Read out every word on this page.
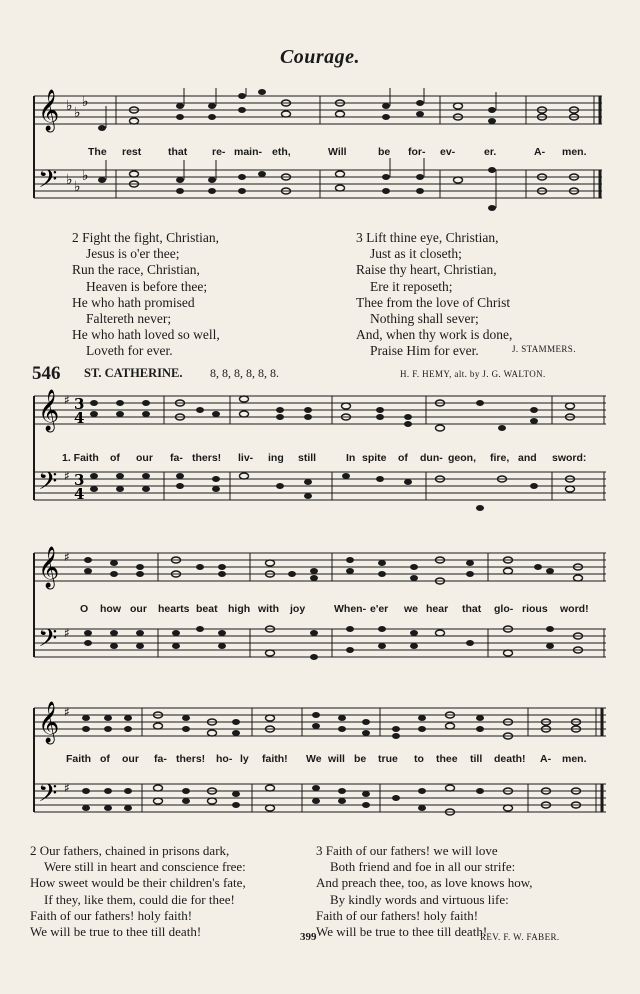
Courage.
𝄞
𝄢
♭ ♭
♭
♭ ♭
♭
The rest	that re- main- eth,	Will	be for- ev-	er.	A- men.
2 Fight the fight, Christian,
Jesus is o'er thee;
Run the race, Christian,
Heaven is before thee;
He who hath promised
Faltereth never;
He who hath loved so well,
Loveth for ever.
3 Lift thine eye, Christian,
Just as it closeth;
Raise thy heart, Christian,
Ere it reposeth;
Thee from the love of Christ
Nothing shall sever;
And, when thy work is done,
Praise Him for ever.	J. STAMMERS.
546 ST. CATHERINE. 8, 8, 8, 8, 8, 8.	H. F. HEMY, alt. by J. G. WALTON.
𝄞
𝄢
♯
♯
3
4
3
4
1. Faith of our fa- thers! liv- ing still	In spite of dun- geon, fire, and sword:
𝄞
𝄢
♯
♯
O how our hearts beat high with joy	When- e'er we hear that glo- rious word!
𝄞
𝄢
♯
♯
Faith of our fa- thers! ho- ly faith! We will be true to thee till death! A- men.
2 Our fathers, chained in prisons dark,
Were still in heart and conscience free:
How sweet would be their children's fate,
If they, like them, could die for thee!
Faith of our fathers! holy faith!
We will be true to thee till death!
3 Faith of our fathers! we will love
Both friend and foe in all our strife:
And preach thee, too, as love knows how,
By kindly words and virtuous life:
Faith of our fathers! holy faith!
We will be true to thee till death!
399	REV. F. W. FABER.
